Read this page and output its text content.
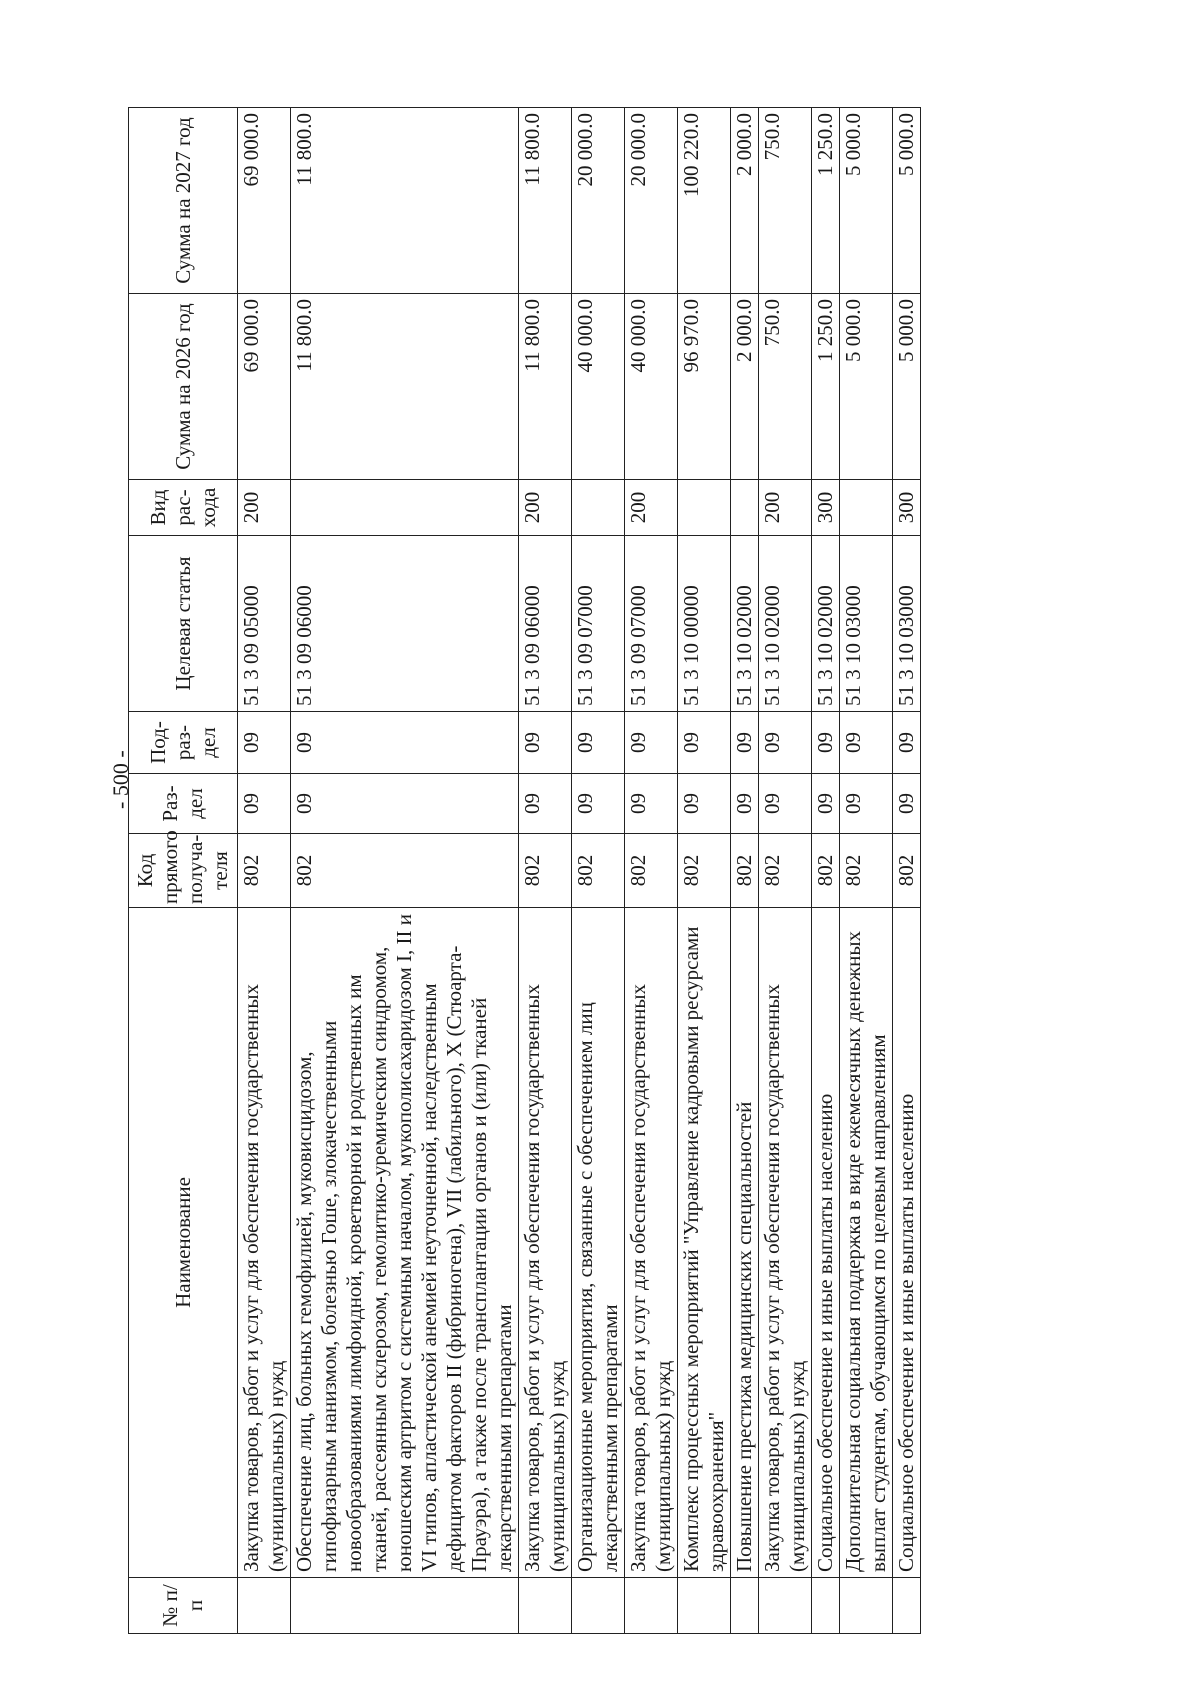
- 500 -
№ п/п	Наименование	Код прямого получа- теля	Раз- дел	Под- раз- дел	Целевая статья	Вид рас- хода	Сумма на 2026 год	Сумма на 2027 год
	Закупка товаров, работ и услуг для обеспечения государственных (муниципальных) нужд	802	09	09	51 3 09 05000	200	69 000.0	69 000.0
	Обеспечение лиц, больных гемофилией, муковисцидозом, гипофизарным нанизмом, болезнью Гоше, злокачественными новообразованиями лимфоидной, кроветворной и родственных им тканей, рассеянным склерозом, гемолитико-уремическим синдромом, юношеским артритом с системным началом, мукополисахаридозом I, II и VI типов, апластической анемией неуточненной, наследственным дефицитом факторов II (фибриногена), VII (лабильного), X (Стюарта-Прауэра), а также после трансплантации органов и (или) тканей лекарственными препаратами	802	09	09	51 3 09 06000		11 800.0	11 800.0
	Закупка товаров, работ и услуг для обеспечения государственных (муниципальных) нужд	802	09	09	51 3 09 06000	200	11 800.0	11 800.0
	Организационные мероприятия, связанные с обеспечением лиц лекарственными препаратами	802	09	09	51 3 09 07000		40 000.0	20 000.0
	Закупка товаров, работ и услуг для обеспечения государственных (муниципальных) нужд	802	09	09	51 3 09 07000	200	40 000.0	20 000.0
	Комплекс процессных мероприятий "Управление кадровыми ресурсами здравоохранения"	802	09	09	51 3 10 00000		96 970.0	100 220.0
	Повышение престижа медицинских специальностей	802	09	09	51 3 10 02000		2 000.0	2 000.0
	Закупка товаров, работ и услуг для обеспечения государственных (муниципальных) нужд	802	09	09	51 3 10 02000	200	750.0	750.0
	Социальное обеспечение и иные выплаты населению	802	09	09	51 3 10 02000	300	1 250.0	1 250.0
	Дополнительная социальная поддержка в виде ежемесячных денежных выплат студентам, обучающимся по целевым направлениям	802	09	09	51 3 10 03000		5 000.0	5 000.0
	Социальное обеспечение и иные выплаты населению	802	09	09	51 3 10 03000	300	5 000.0	5 000.0
